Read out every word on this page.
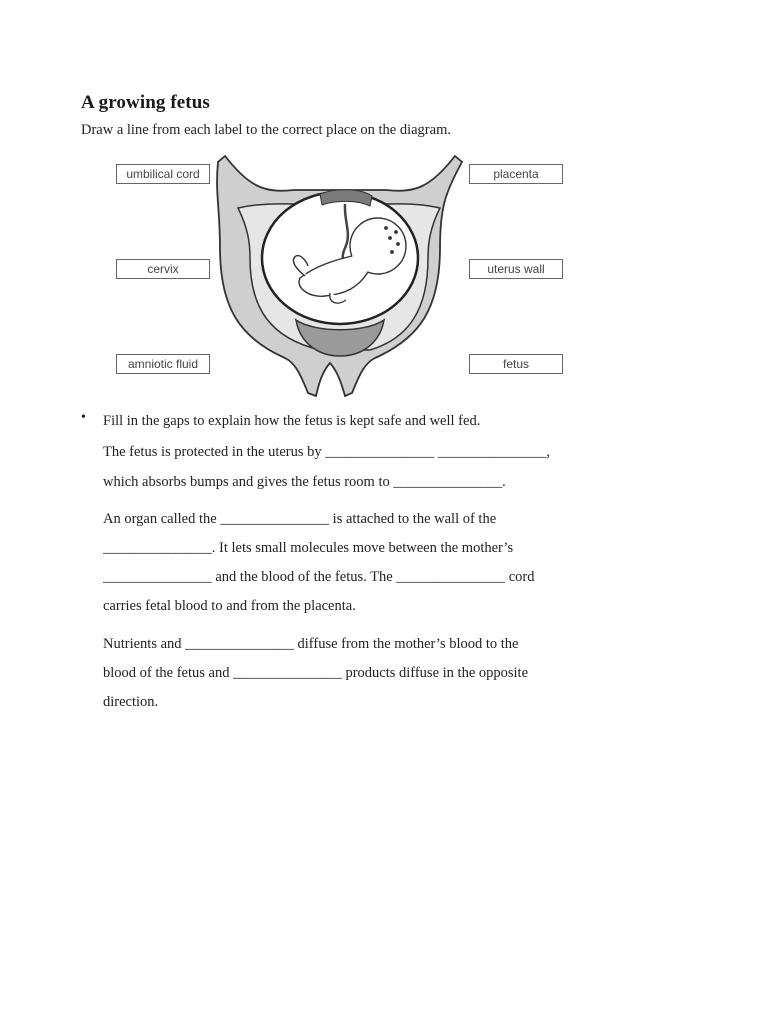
A growing fetus
Draw a line from each label to the correct place on the diagram.
umbilical cord	placenta
cervix	uterus wall
amniotic fluid	fetus
• Fill in the gaps to explain how the fetus is kept safe and well fed.
The fetus is protected in the uterus by _______________ _______________,
which absorbs bumps and gives the fetus room to _______________.
An organ called the _______________ is attached to the wall of the
_______________. It lets small molecules move between the mother’s
_______________ and the blood of the fetus. The _______________ cord
carries fetal blood to and from the placenta.
Nutrients and _______________ diffuse from the mother’s blood to the
blood of the fetus and _______________ products diffuse in the opposite
direction.
